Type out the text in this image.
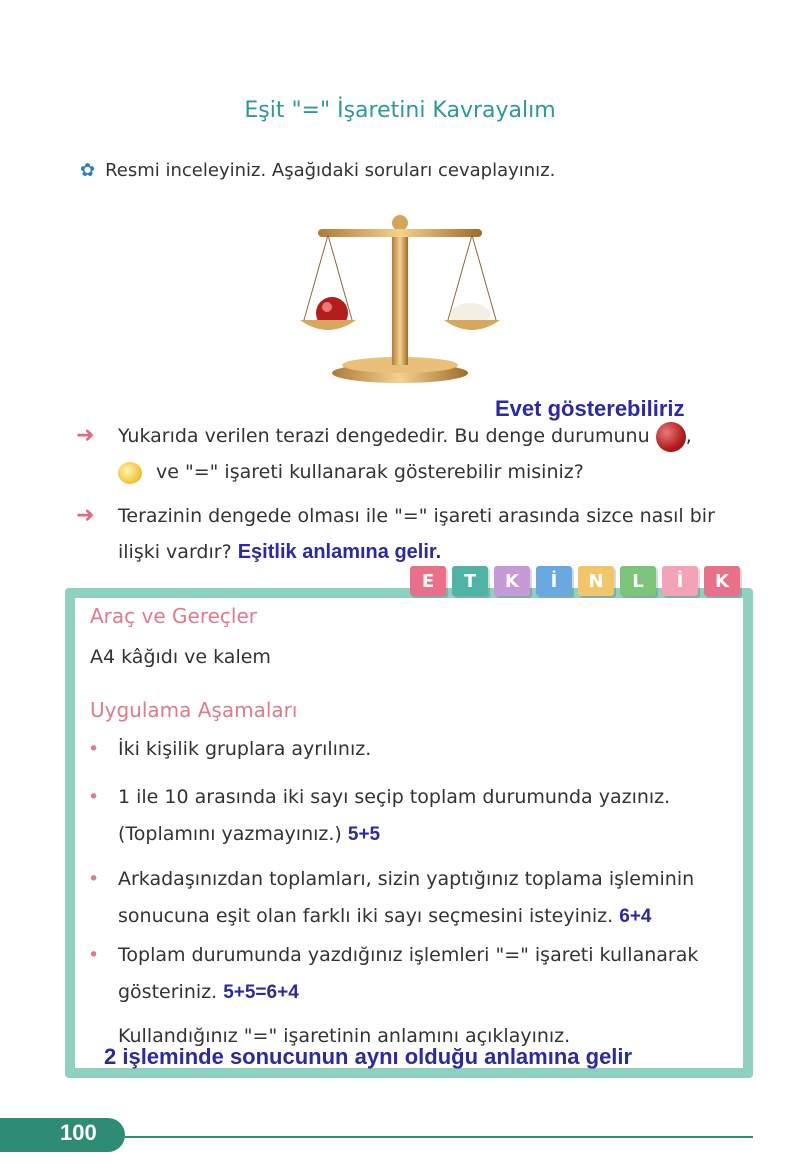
Eşit "=" İşaretini Kavrayalım
✿ Resmi inceleyiniz. Aşağıdaki soruları cevaplayınız.
Evet gösterebiliriz
➜ Yukarıda verilen terazi dengededir. Bu denge durumunu ,
ve "=" işareti kullanarak gösterebilir misiniz?
➜ Terazinin dengede olması ile "=" işareti arasında sizce nasıl bir
ilişki vardır? Eşitlik anlamına gelir.
E	T	K	İ	N	L	İ	K
Araç ve Gereçler
A4 kâğıdı ve kalem
Uygulama Aşamaları
• İki kişilik gruplara ayrılınız.
• 1 ile 10 arasında iki sayı seçip toplam durumunda yazınız.
(Toplamını yazmayınız.) 5+5
• Arkadaşınızdan toplamları, sizin yaptığınız toplama işleminin
sonucuna eşit olan farklı iki sayı seçmesini isteyiniz. 6+4
• Toplam durumunda yazdığınız işlemleri "=" işareti kullanarak
gösteriniz. 5+5=6+4
Kullandığınız "=" işaretinin anlamını açıklayınız.
2 işleminde sonucunun aynı olduğu anlamına gelir
100
